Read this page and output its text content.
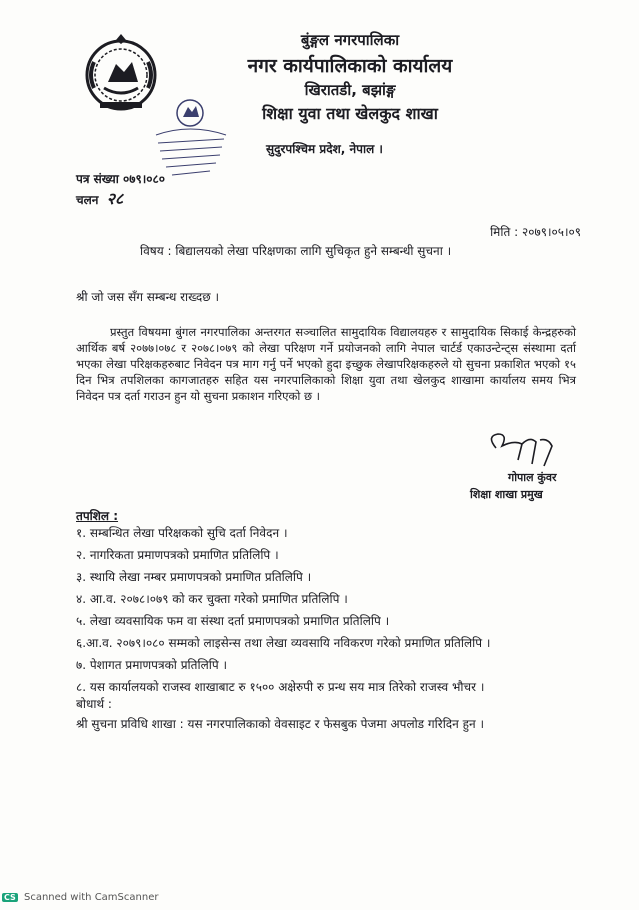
बुंङ्गल नगरपालिका
नगर कार्यपालिकाको कार्यालय
खिरातडी, बझांङ्ग
शिक्षा युवा तथा खेलकुद शाखा
सुदुरपश्चिम प्रदेश, नेपाल ।
पत्र संख्या ०७९।०८०
चलन २८
मिति : २०७९।०५।०९
विषय : बिद्यालयको लेखा परिक्षणका लागि सुचिकृत हुने सम्बन्धी सुचना ।
श्री जो जस सँग सम्बन्ध राख्दछ ।
प्रस्तुत विषयमा बुंगल नगरपालिका अन्तरगत सञ्चालित सामुदायिक विद्यालयहरु र सामुदायिक सिकाई केन्द्रहरुको आर्थिक बर्ष २०७७।०७८ र २०७८।०७९ को लेखा परिक्षण गर्ने प्रयोजनको लागि नेपाल चार्टर्ड एकाउन्टेन्ट्स संस्थामा दर्ता भएका लेखा परिक्षकहरुबाट निवेदन पत्र माग गर्नु पर्ने भएको हुदा इच्छुक लेखापरिक्षकहरुले यो सुचना प्रकाशित भएको १५ दिन भित्र तपशिलका कागजातहरु सहित यस नगरपालिकाको शिक्षा युवा तथा खेलकुद शाखामा कार्यालय समय भित्र निवेदन पत्र दर्ता गराउन हुन यो सुचना प्रकाशन गरिएको छ ।
गोपाल कुंवर
शिक्षा शाखा प्रमुख
तपशिल :
१. सम्बन्धित लेखा परिक्षकको सुचि दर्ता निवेदन ।
२. नागरिकता प्रमाणपत्रको प्रमाणित प्रतिलिपि ।
३. स्थायि लेखा नम्बर प्रमाणपत्रको प्रमाणित प्रतिलिपि ।
४. आ.व. २०७८।०७९ को कर चुक्ता गरेको प्रमाणित प्रतिलिपि ।
५. लेखा व्यवसायिक फम वा संस्था दर्ता प्रमाणपत्रको प्रमाणित प्रतिलिपि ।
६.आ.व. २०७९।०८० सम्मको लाइसेन्स तथा लेखा व्यवसायि नविकरण गरेको प्रमाणित प्रतिलिपि ।
७. पेशागत प्रमाणपत्रको प्रतिलिपि ।
८. यस कार्यालयको राजस्व शाखाबाट रु १५०० अक्षेरुपी रु प्रन्ध सय मात्र तिरेको राजस्व भौचर ।
बोधार्थ :
श्री सुचना प्रविधि शाखा : यस नगरपालिकाको वेवसाइट र फेसबुक पेजमा अपलोड गरिदिन हुन ।
CS Scanned with CamScanner
